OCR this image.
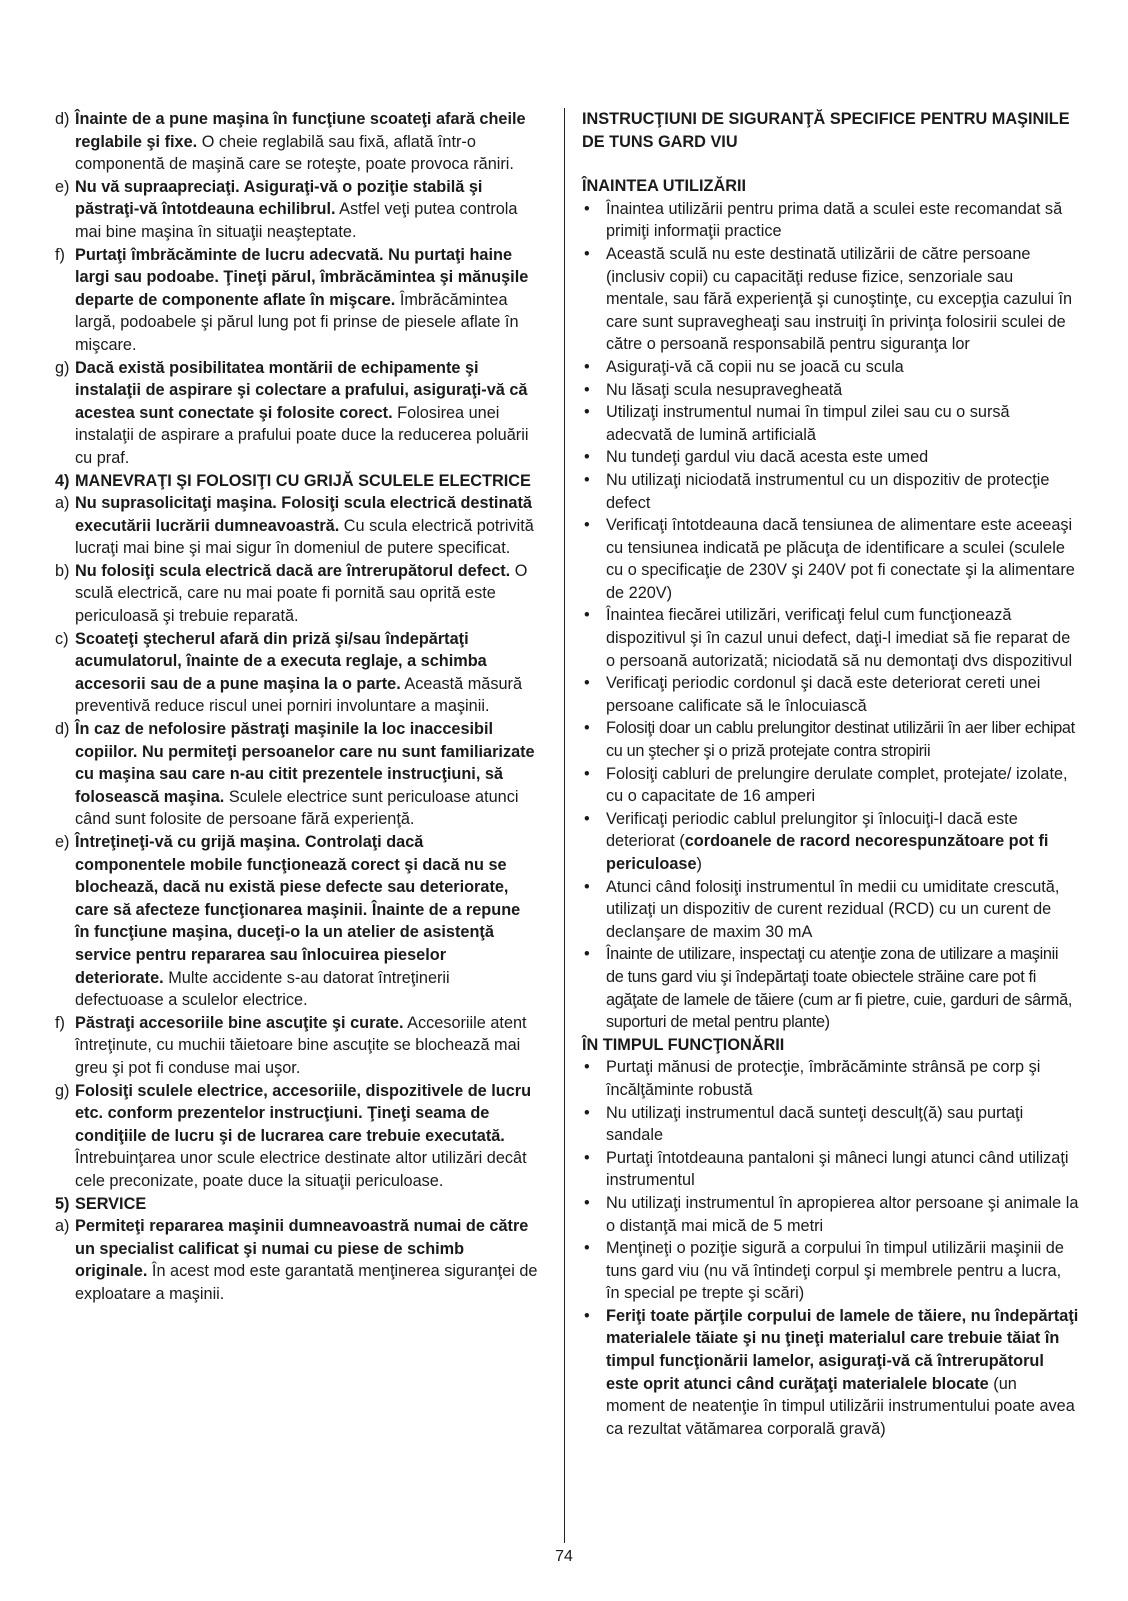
d) Înainte de a pune maşina în funcţiune scoateţi afară cheile reglabile şi fixe. O cheie reglabilă sau fixă, aflată într-o componentă de maşină care se roteşte, poate provoca răniri.
e) Nu vă supraapreciaţi. Asiguraţi-vă o poziţie stabilă şi păstraţi-vă întotdeauna echilibrul. Astfel veţi putea controla mai bine maşina în situaţii neaşteptate.
f) Purtaţi îmbrăcăminte de lucru adecvată. Nu purtaţi haine largi sau podoabe. Ţineţi părul, îmbrăcămintea şi mănuşile departe de componente aflate în mişcare. Îmbrăcămintea largă, podoabele şi părul lung pot fi prinse de piesele aflate în mişcare.
g) Dacă există posibilitatea montării de echipamente şi instalaţii de aspirare şi colectare a prafului, asiguraţi-vă că acestea sunt conectate şi folosite corect. Folosirea unei instalaţii de aspirare a prafului poate duce la reducerea poluării cu praf.
4) MANEVRAŢI ŞI FOLOSIŢI CU GRIJĂ SCULELE ELECTRICE
a) Nu suprasolicitaţi maşina. Folosiţi scula electrică destinată executării lucrării dumneavoastră. Cu scula electrică potrivită lucraţi mai bine şi mai sigur în domeniul de putere specificat.
b) Nu folosiţi scula electrică dacă are întrerupătorul defect. O sculă electrică, care nu mai poate fi pornită sau oprită este periculoasă şi trebuie reparată.
c) Scoateţi ştecherul afară din priză şi/sau îndepărtaţi acumulatorul, înainte de a executa reglaje, a schimba accesorii sau de a pune maşina la o parte. Această măsură preventivă reduce riscul unei porniri involuntare a maşinii.
d) În caz de nefolosire păstraţi maşinile la loc inaccesibil copiilor. Nu permiteţi persoanelor care nu sunt familiarizate cu maşina sau care n-au citit prezentele instrucţiuni, să folosească maşina. Sculele electrice sunt periculoase atunci când sunt folosite de persoane fără experienţă.
e) Întreţineţi-vă cu grijă maşina. Controlaţi dacă componentele mobile funcţionează corect şi dacă nu se blochează, dacă nu există piese defecte sau deteriorate, care să afecteze funcţionarea maşinii. Înainte de a repune în funcţiune maşina, duceţi-o la un atelier de asistenţă service pentru repararea sau înlocuirea pieselor deteriorate. Multe accidente s-au datorat întreţinerii defectuoase a sculelor electrice.
f) Păstraţi accesoriile bine ascuţite şi curate. Accesoriile atent întreţinute, cu muchii tăietoare bine ascuţite se blochează mai greu şi pot fi conduse mai uşor.
g) Folosiţi sculele electrice, accesoriile, dispozitivele de lucru etc. conform prezentelor instrucţiuni. Ţineţi seama de condiţiile de lucru şi de lucrarea care trebuie executată. Întrebuinţarea unor scule electrice destinate altor utilizări decât cele preconizate, poate duce la situaţii periculoase.
5) SERVICE
a) Permiteţi repararea maşinii dumneavoastră numai de către un specialist calificat şi numai cu piese de schimb originale. În acest mod este garantată menţinerea siguranţei de exploatare a maşinii.
INSTRUCŢIUNI DE SIGURANŢĂ SPECIFICE PENTRU MAŞINILE DE TUNS GARD VIU
ÎNAINTEA UTILIZĂRII
• Înaintea utilizării pentru prima dată a sculei este recomandat să primiţi informaţii practice
• Această sculă nu este destinată utilizării de către persoane (inclusiv copii) cu capacităţi reduse fizice, senzoriale sau mentale, sau fără experienţă şi cunoştinţe, cu excepţia cazului în care sunt supravegheaţi sau instruiţi în privinţa folosirii sculei de către o persoană responsabilă pentru siguranţa lor
• Asiguraţi-vă că copii nu se joacă cu scula
• Nu lăsaţi scula nesupravegheată
• Utilizaţi instrumentul numai în timpul zilei sau cu o sursă adecvată de lumină artificială
• Nu tundeţi gardul viu dacă acesta este umed
• Nu utilizaţi niciodată instrumentul cu un dispozitiv de protecţie defect
• Verificaţi întotdeauna dacă tensiunea de alimentare este aceeaşi cu tensiunea indicată pe plăcuţa de identificare a sculei (sculele cu o specificaţie de 230V şi 240V pot fi conectate şi la alimentare de 220V)
• Înaintea fiecărei utilizări, verificaţi felul cum funcţionează dispozitivul şi în cazul unui defect, daţi-l imediat să fie reparat de o persoană autorizată; niciodată să nu demontaţi dvs dispozitivul
• Verificaţi periodic cordonul şi dacă este deteriorat cereti unei persoane calificate să le înlocuiască
•	Folosiţi doar un cablu prelungitor destinat utilizării în aer liber echipat cu un ştecher şi o priză protejate contra stropirii
• Folosiţi cabluri de prelungire derulate complet, protejate/ izolate, cu o capacitate de 16 amperi
• Verificaţi periodic cablul prelungitor şi înlocuiţi-l dacă este deteriorat (cordoanele de racord necorespunzătoare pot fi periculoase)
• Atunci când folosiţi instrumentul în medii cu umiditate crescută, utilizaţi un dispozitiv de curent rezidual (RCD) cu un curent de declanşare de maxim 30 mA
•	Înainte de utilizare, inspectaţi cu atenţie zona de utilizare a maşinii de tuns gard viu şi îndepărtaţi toate obiectele străine care pot fi agăţate de lamele de tăiere (cum ar fi pietre, cuie, garduri de sârmă, suporturi de metal pentru plante)
ÎN TIMPUL FUNCŢIONĂRII
• Purtaţi mănusi de protecţie, îmbrăcăminte strânsă pe corp şi încălţăminte robustă
• Nu utilizaţi instrumentul dacă sunteţi desculţ(ă) sau purtaţi sandale
• Purtaţi întotdeauna pantaloni şi mâneci lungi atunci când utilizaţi instrumentul
• Nu utilizaţi instrumentul în apropierea altor persoane şi animale la o distanţă mai mică de 5 metri
• Menţineţi o poziţie sigură a corpului în timpul utilizării maşinii de tuns gard viu (nu vă întindeţi corpul şi membrele pentru a lucra, în special pe trepte şi scări)
• Feriţi toate părţile corpului de lamele de tăiere, nu îndepărtaţi materialele tăiate şi nu ţineţi materialul care trebuie tăiat în timpul funcţionării lamelor, asiguraţi-vă că întrerupătorul este oprit atunci când curăţaţi materialele blocate (un moment de neatenţie în timpul utilizării instrumentului poate avea ca rezultat vătămarea corporală gravă)
74
